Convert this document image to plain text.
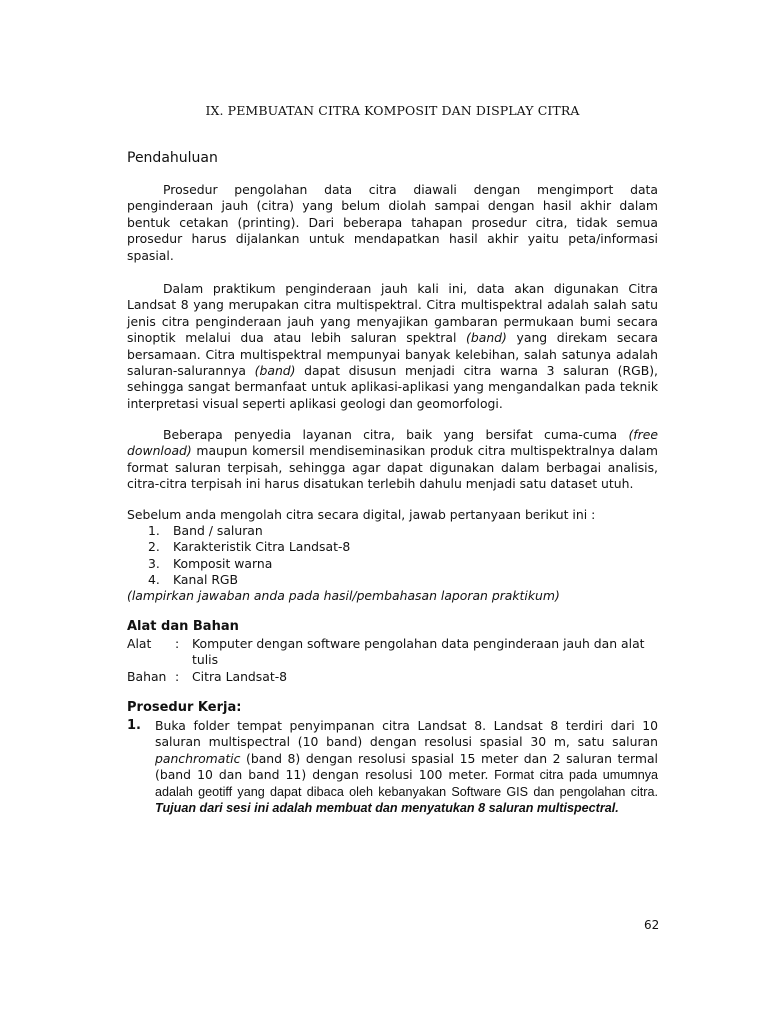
IX. PEMBUATAN CITRA KOMPOSIT DAN DISPLAY CITRA
Pendahuluan

Prosedur pengolahan data citra diawali dengan mengimport data penginderaan jauh (citra) yang belum diolah sampai dengan hasil akhir dalam bentuk cetakan (printing). Dari beberapa tahapan prosedur citra, tidak semua prosedur harus dijalankan untuk mendapatkan hasil akhir yaitu peta/informasi spasial.

Dalam praktikum penginderaan jauh kali ini, data akan digunakan Citra Landsat 8 yang merupakan citra multispektral. Citra multispektral adalah salah satu jenis citra penginderaan jauh yang menyajikan gambaran permukaan bumi secara sinoptik melalui dua atau lebih saluran spektral (band) yang direkam secara bersamaan. Citra multispektral mempunyai banyak kelebihan, salah satunya adalah saluran-salurannya (band) dapat disusun menjadi citra warna 3 saluran (RGB), sehingga sangat bermanfaat untuk aplikasi-aplikasi yang mengandalkan pada teknik interpretasi visual seperti aplikasi geologi dan geomorfologi.

Beberapa penyedia layanan citra, baik yang bersifat cuma-cuma (free download) maupun komersil mendiseminasikan produk citra multispektralnya dalam format saluran terpisah, sehingga agar dapat digunakan dalam berbagai analisis, citra-citra terpisah ini harus disatukan terlebih dahulu menjadi satu dataset utuh.

Sebelum anda mengolah citra secara digital, jawab pertanyaan berikut ini :
1. Band / saluran
2. Karakteristik Citra Landsat-8
3. Komposit warna
4. Kanal RGB
(lampirkan jawaban anda pada hasil/pembahasan laporan praktikum)
Alat dan Bahan
Alat : Komputer dengan software pengolahan data penginderaan jauh dan alat tulis
Bahan : Citra Landsat-8
Prosedur Kerja:
1. Buka folder tempat penyimpanan citra Landsat 8. Landsat 8 terdiri dari 10 saluran multispectral (10 band) dengan resolusi spasial 30 m, satu saluran panchromatic (band 8) dengan resolusi spasial 15 meter dan 2 saluran termal (band 10 dan band 11) dengan resolusi 100 meter. Format citra pada umumnya adalah geotiff yang dapat dibaca oleh kebanyakan Software GIS dan pengolahan citra. Tujuan dari sesi ini adalah membuat dan menyatukan 8 saluran multispectral.

62
